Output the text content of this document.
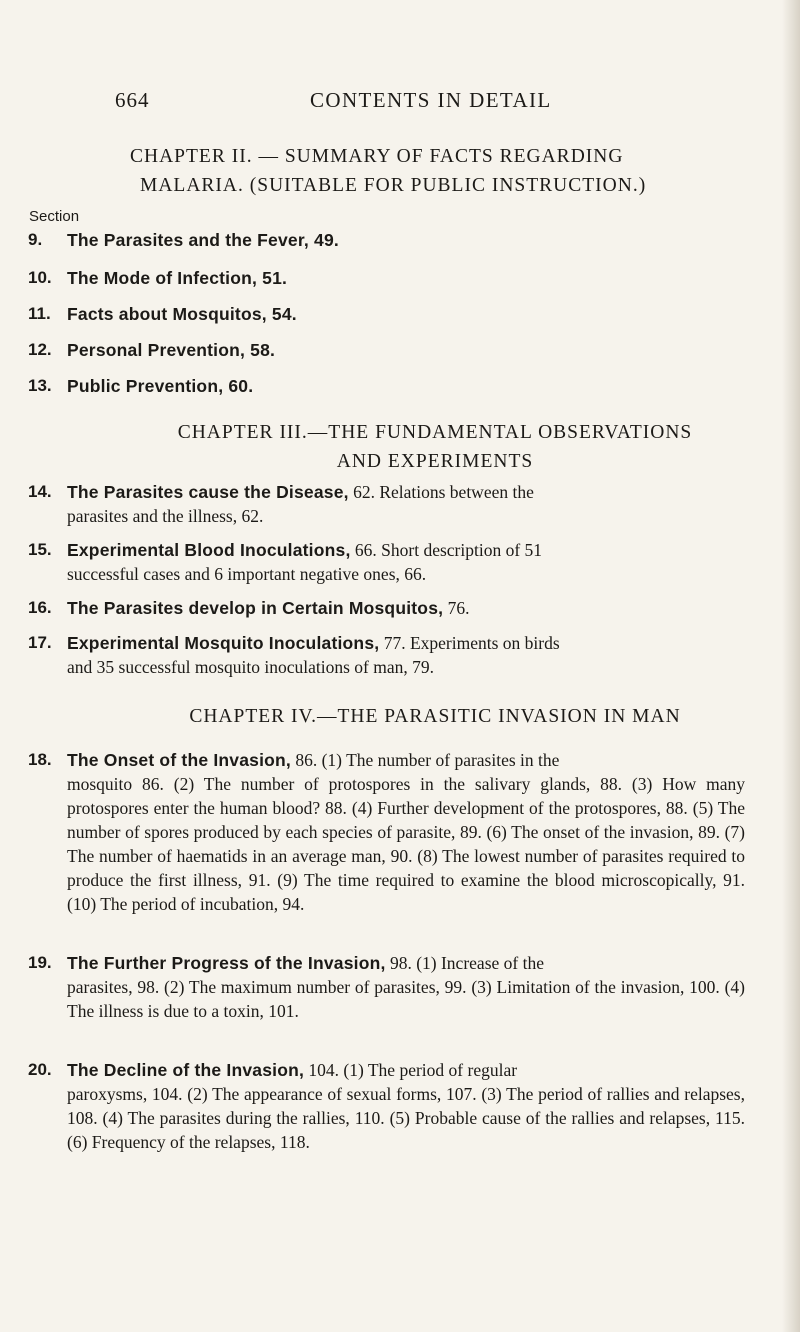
664	CONTENTS IN DETAIL
CHAPTER II. — SUMMARY OF FACTS REGARDING
MALARIA. (SUITABLE FOR PUBLIC INSTRUCTION.)
Section
9.	The Parasites and the Fever, 49.
10. The Mode of Infection, 51.
11. Facts about Mosquitos, 54.
12. Personal Prevention, 58.
13. Public Prevention, 60.
CHAPTER III.—THE FUNDAMENTAL OBSERVATIONS
AND EXPERIMENTS
14. The Parasites cause the Disease, 62. Relations between the
parasites and the illness, 62.
15. Experimental Blood Inoculations, 66. Short description of 51
successful cases and 6 important negative ones, 66.
16. The Parasites develop in Certain Mosquitos, 76.
17. Experimental Mosquito Inoculations, 77. Experiments on birds
and 35 successful mosquito inoculations of man, 79.
CHAPTER IV.—THE PARASITIC INVASION IN MAN
18. The Onset of the Invasion, 86. (1) The number of parasites in the
mosquito 86. (2) The number of protospores in the salivary glands, 88. (3) How many protospores enter the human blood? 88. (4) Further development of the protospores, 88. (5) The number of spores produced by each species of parasite, 89. (6) The onset of the invasion, 89. (7) The number of haematids in an average man, 90. (8) The lowest number of parasites required to produce the first illness, 91. (9) The time required to examine the blood microscopically, 91. (10) The period of incubation, 94.
19. The Further Progress of the Invasion, 98. (1) Increase of the
parasites, 98. (2) The maximum number of parasites, 99. (3) Limitation of the invasion, 100. (4) The illness is due to a toxin, 101.
20. The Decline of the Invasion, 104. (1) The period of regular
paroxysms, 104. (2) The appearance of sexual forms, 107. (3) The period of rallies and relapses, 108. (4) The parasites during the rallies, 110. (5) Probable cause of the rallies and relapses, 115. (6) Frequency of the relapses, 118.
